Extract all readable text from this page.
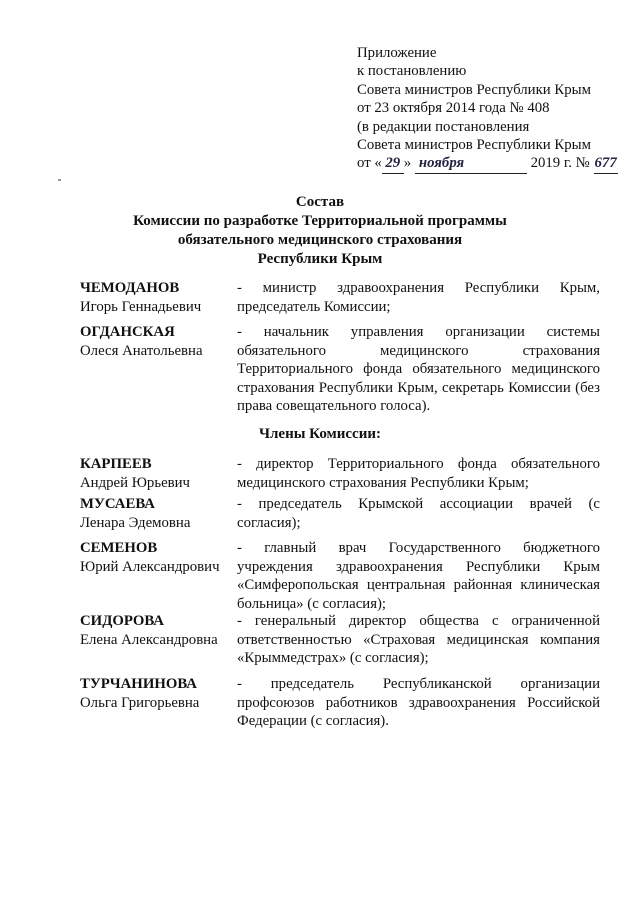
Приложение
к постановлению
Совета министров Республики Крым
от 23 октября 2014 года № 408
(в редакции постановления
Совета министров Республики Крым
от « 29 » ноября	2019 г. № 677
Состав
Комиссии по разработке Территориальной программы
обязательного медицинского страхования
Республики Крым
ЧЕМОДАНОВ
Игорь Геннадьевич
- министр здравоохранения Республики Крым, председатель Комиссии;
ОГДАНСКАЯ
Олеся Анатольевна
- начальник управления организации системы обязательного медицинского страхования Территориального фонда обязательного медицинского страхования Республики Крым, секретарь Комиссии (без права совещательного голоса).
Члены Комиссии:
КАРПЕЕВ
Андрей Юрьевич
- директор Территориального фонда обязательного медицинского страхования Республики Крым;
МУСАЕВА
Ленара Эдемовна
- председатель Крымской ассоциации врачей (с согласия);
СЕМЕНОВ
Юрий Александрович
- главный врач Государственного бюджетного учреждения здравоохранения Республики Крым «Симферопольская центральная районная клиническая больница» (с согласия);
СИДОРОВА
Елена Александровна
- генеральный директор общества с ограниченной ответственностью «Страховая медицинская компания «Крыммедстрах» (с согласия);
ТУРЧАНИНОВА
Ольга Григорьевна
- председатель Республиканской организации профсоюзов работников здравоохранения Российской Федерации (с согласия).
